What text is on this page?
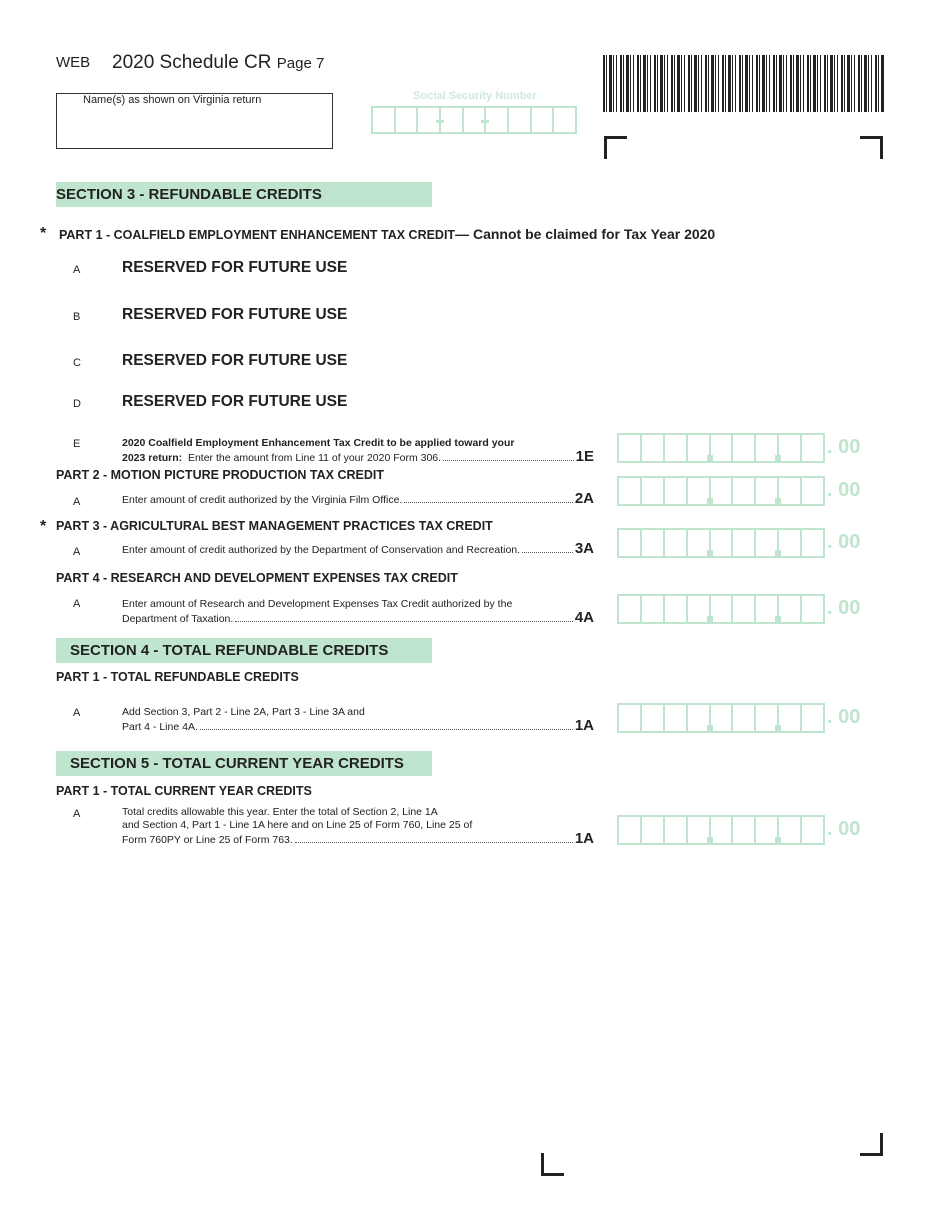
WEB 2020 Schedule CR Page 7
Name(s) as shown on Virginia return	Social Security Number
SECTION 3 - REFUNDABLE CREDITS
* PART 1 - COALFIELD EMPLOYMENT ENHANCEMENT TAX CREDIT— Cannot be claimed for Tax Year 2020
A	RESERVED FOR FUTURE USE
B	RESERVED FOR FUTURE USE
C	RESERVED FOR FUTURE USE
D	RESERVED FOR FUTURE USE
E	2020 Coalfield Employment Enhancement Tax Credit to be applied toward your
2023 return: Enter the amount from Line 11 of your 2020 Form 306.	1E	. 00
PART 2 - MOTION PICTURE PRODUCTION TAX CREDIT
A	Enter amount of credit authorized by the Virginia Film Office.	2A	. 00
* PART 3 - AGRICULTURAL BEST MANAGEMENT PRACTICES TAX CREDIT
A	Enter amount of credit authorized by the Department of Conservation and Recreation.	3A	. 00
PART 4 - RESEARCH AND DEVELOPMENT EXPENSES TAX CREDIT
A	Enter amount of Research and Development Expenses Tax Credit authorized by the
Department of Taxation.	4A	. 00
SECTION 4 - TOTAL REFUNDABLE CREDITS
PART 1 - TOTAL REFUNDABLE CREDITS
A	Add Section 3, Part 2 - Line 2A, Part 3 - Line 3A and
Part 4 - Line 4A.	1A	. 00
SECTION 5 - TOTAL CURRENT YEAR CREDITS
PART 1 - TOTAL CURRENT YEAR CREDITS
A	Total credits allowable this year. Enter the total of Section 2, Line 1A
and Section 4, Part 1 - Line 1A here and on Line 25 of Form 760, Line 25 of
Form 760PY or Line 25 of Form 763.	1A	. 00
